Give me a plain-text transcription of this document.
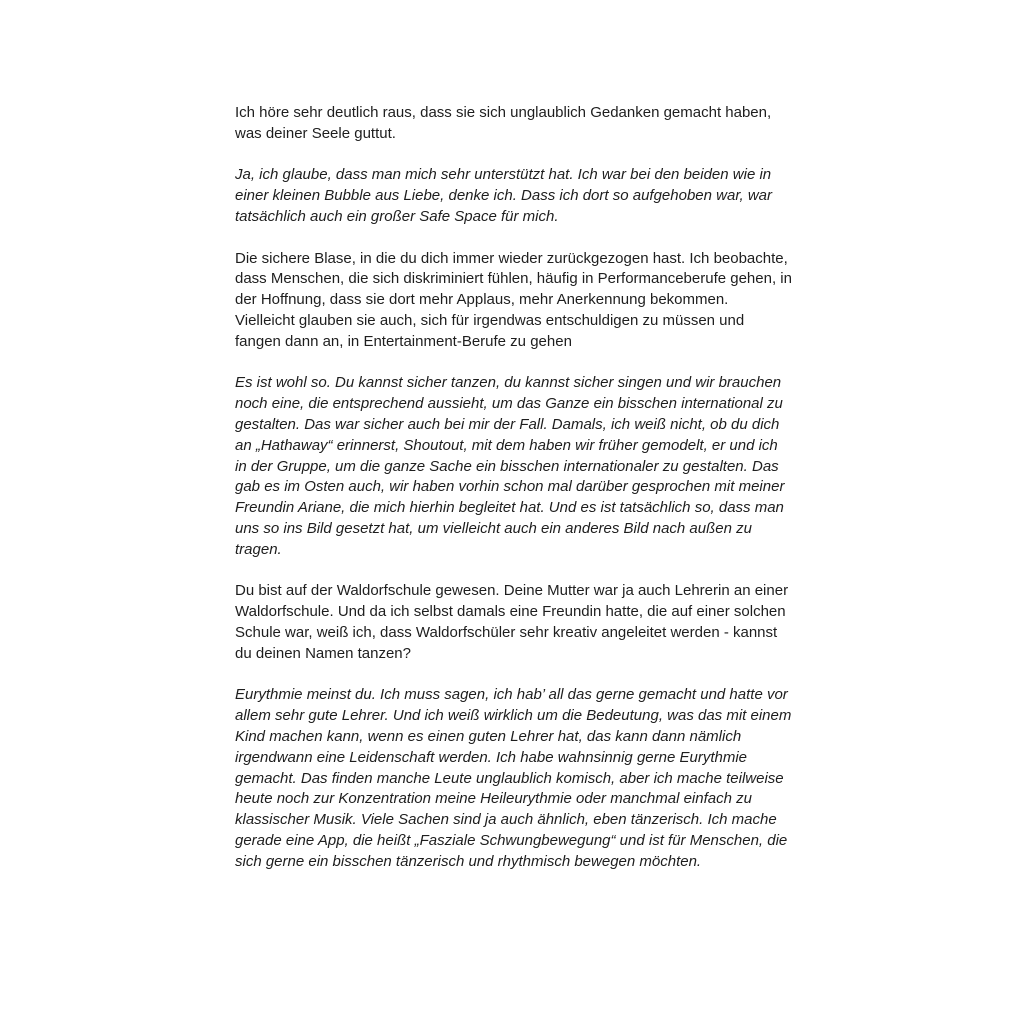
Ich höre sehr deutlich raus, dass sie sich unglaublich Gedanken gemacht haben, was deiner Seele guttut.

Ja, ich glaube, dass man mich sehr unterstützt hat. Ich war bei den beiden wie in einer kleinen Bubble aus Liebe, denke ich. Dass ich dort so aufgehoben war, war tatsächlich auch ein großer Safe Space für mich.

Die sichere Blase, in die du dich immer wieder zurückgezogen hast. Ich beobachte, dass Menschen, die sich diskriminiert fühlen, häufig in Performanceberufe gehen, in der Hoffnung, dass sie dort mehr Applaus, mehr Anerkennung bekommen. Vielleicht glauben sie auch, sich für irgendwas entschuldigen zu müssen und fangen dann an, in Entertainment-Berufe zu gehen

Es ist wohl so. Du kannst sicher tanzen, du kannst sicher singen und wir brauchen noch eine, die entsprechend aussieht, um das Ganze ein bisschen international zu gestalten. Das war sicher auch bei mir der Fall. Damals, ich weiß nicht, ob du dich an „Hathaway“ erinnerst, Shoutout, mit dem haben wir früher gemodelt, er und ich in der Gruppe, um die ganze Sache ein bisschen internationaler zu gestalten. Das gab es im Osten auch, wir haben vorhin schon mal darüber gesprochen mit meiner Freundin Ariane, die mich hierhin begleitet hat. Und es ist tatsächlich so, dass man uns so ins Bild gesetzt hat, um vielleicht auch ein anderes Bild nach außen zu tragen.

Du bist auf der Waldorfschule gewesen. Deine Mutter war ja auch Lehrerin an einer Waldorfschule. Und da ich selbst damals eine Freundin hatte, die auf einer solchen Schule war, weiß ich, dass Waldorfschüler sehr kreativ angeleitet werden - kannst du deinen Namen tanzen?

Eurythmie meinst du. Ich muss sagen, ich hab’ all das gerne gemacht und hatte vor allem sehr gute Lehrer. Und ich weiß wirklich um die Bedeutung, was das mit einem Kind machen kann, wenn es einen guten Lehrer hat, das kann dann nämlich irgendwann eine Leidenschaft werden. Ich habe wahnsinnig gerne Eurythmie gemacht. Das finden manche Leute unglaublich komisch, aber ich mache teilweise heute noch zur Konzentration meine Heileurythmie oder manchmal einfach zu klassischer Musik. Viele Sachen sind ja auch ähnlich, eben tänzerisch. Ich mache gerade eine App, die heißt „Fasziale Schwungbewegung“ und ist für Menschen, die sich gerne ein bisschen tänzerisch und rhythmisch bewegen möchten.
